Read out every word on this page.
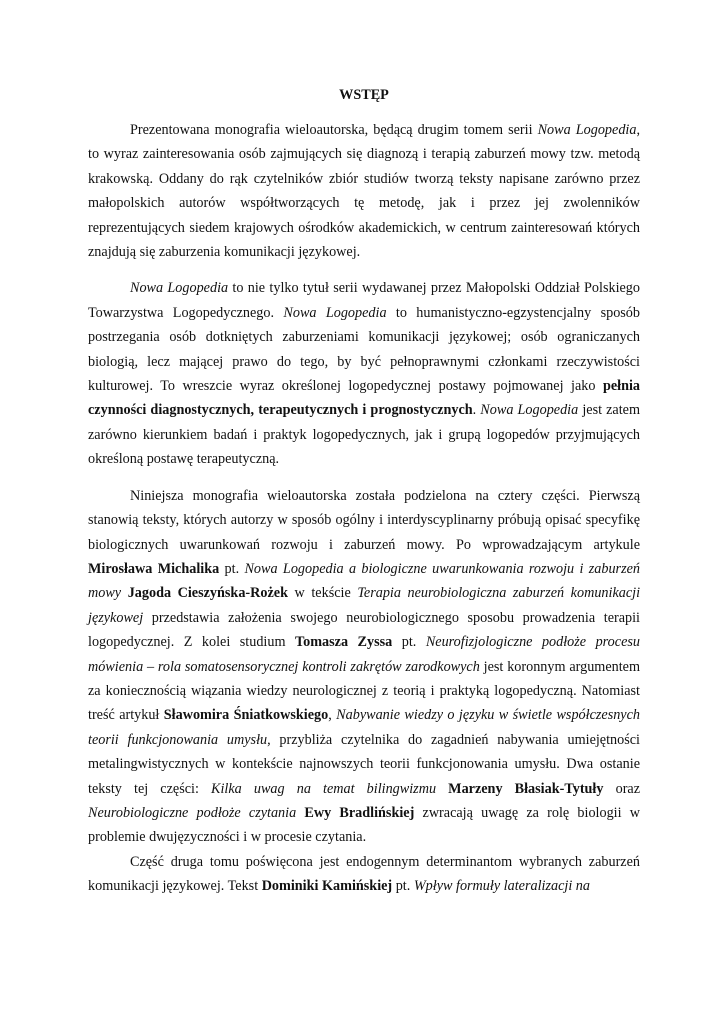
WSTĘP

Prezentowana monografia wieloautorska, będącą drugim tomem serii Nowa Logopedia, to wyraz zainteresowania osób zajmujących się diagnozą i terapią zaburzeń mowy tzw. metodą krakowską. Oddany do rąk czytelników zbiór studiów tworzą teksty napisane zarówno przez małopolskich autorów współtworzących tę metodę, jak i przez jej zwolenników reprezentujących siedem krajowych ośrodków akademickich, w centrum zainteresowań których znajdują się zaburzenia komunikacji językowej.

Nowa Logopedia to nie tylko tytuł serii wydawanej przez Małopolski Oddział Polskiego Towarzystwa Logopedycznego. Nowa Logopedia to humanistyczno-egzystencjalny sposób postrzegania osób dotkniętych zaburzeniami komunikacji językowej; osób ograniczanych biologią, lecz mającej prawo do tego, by być pełnoprawnymi członkami rzeczywistości kulturowej. To wreszcie wyraz określonej logopedycznej postawy pojmowanej jako pełnia czynności diagnostycznych, terapeutycznych i prognostycznych. Nowa Logopedia jest zatem zarówno kierunkiem badań i praktyk logopedycznych, jak i grupą logopedów przyjmujących określoną postawę terapeutyczną.

Niniejsza monografia wieloautorska została podzielona na cztery części. Pierwszą stanowią teksty, których autorzy w sposób ogólny i interdyscyplinarny próbują opisać specyfikę biologicznych uwarunkowań rozwoju i zaburzeń mowy. Po wprowadzającym artykule Mirosława Michalika pt. Nowa Logopedia a biologiczne uwarunkowania rozwoju i zaburzeń mowy Jagoda Cieszyńska-Rożek w tekście Terapia neurobiologiczna zaburzeń komunikacji językowej przedstawia założenia swojego neurobiologicznego sposobu prowadzenia terapii logopedycznej. Z kolei studium Tomasza Zyssa pt. Neurofizjologiczne podłoże procesu mówienia – rola somatosensorycznej kontroli zakrętów zarodkowych jest koronnym argumentem za koniecznością wiązania wiedzy neurologicznej z teorią i praktyką logopedyczną. Natomiast treść artykuł Sławomira Śniatkowskiego, Nabywanie wiedzy o języku w świetle współczesnych teorii funkcjonowania umysłu, przybliża czytelnika do zagadnień nabywania umiejętności metalingwistycznych w kontekście najnowszych teorii funkcjonowania umysłu. Dwa ostanie teksty tej części: Kilka uwag na temat bilingwizmu Marzeny Błasiak-Tytuły oraz Neurobiologiczne podłoże czytania Ewy Bradlińskiej zwracają uwagę za rolę biologii w problemie dwujęzyczności i w procesie czytania.

Część druga tomu poświęcona jest endogennym determinantom wybranych zaburzeń komunikacji językowej. Tekst Dominiki Kamińskiej pt. Wpływ formuły lateralizacji na
